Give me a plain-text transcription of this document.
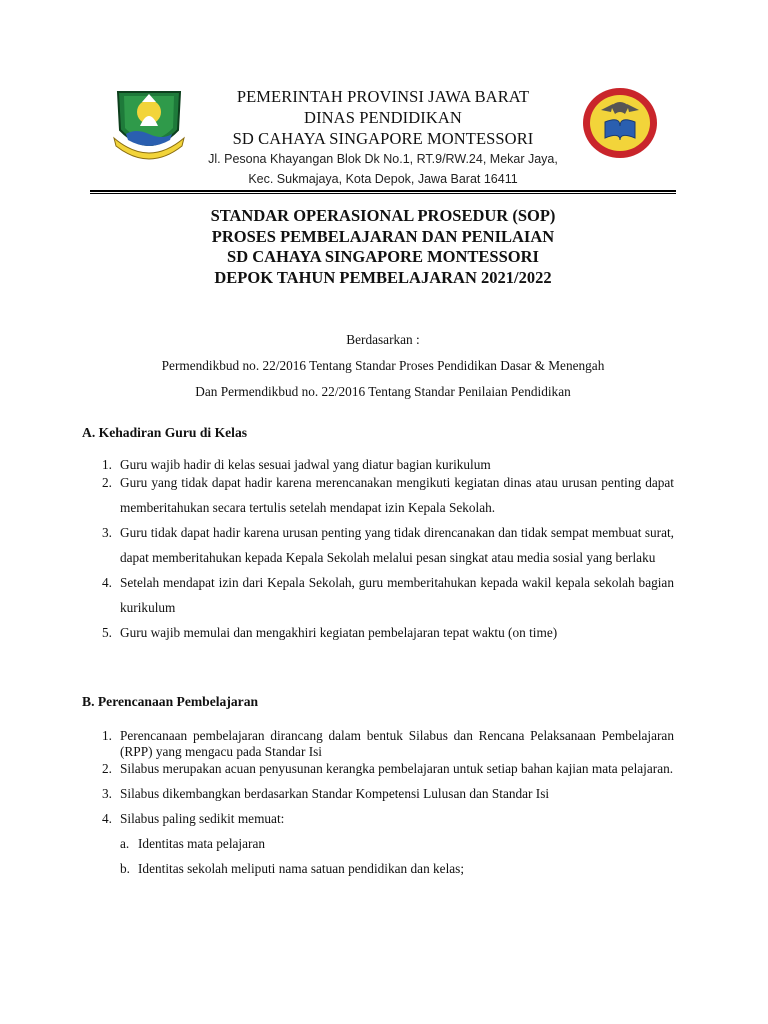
PEMERINTAH PROVINSI JAWA BARAT
DINAS PENDIDIKAN
SD CAHAYA SINGAPORE MONTESSORI
Jl. Pesona Khayangan Blok Dk No.1, RT.9/RW.24, Mekar Jaya,
Kec. Sukmajaya, Kota Depok, Jawa Barat 16411
STANDAR OPERASIONAL PROSEDUR (SOP)
PROSES PEMBELAJARAN DAN PENILAIAN
SD CAHAYA SINGAPORE MONTESSORI
DEPOK TAHUN PEMBELAJARAN 2021/2022
Berdasarkan :
Permendikbud no. 22/2016 Tentang Standar Proses Pendidikan Dasar & Menengah
Dan Permendikbud no. 22/2016 Tentang Standar Penilaian Pendidikan
A. Kehadiran Guru di Kelas
1. Guru wajib hadir di kelas sesuai jadwal yang diatur bagian kurikulum
2. Guru yang tidak dapat hadir karena merencanakan mengikuti kegiatan dinas atau urusan penting dapat memberitahukan secara tertulis setelah mendapat izin Kepala Sekolah.
3. Guru tidak dapat hadir karena urusan penting yang tidak direncanakan dan tidak sempat membuat surat, dapat memberitahukan kepada Kepala Sekolah melalui pesan singkat atau media sosial yang berlaku
4. Setelah mendapat izin dari Kepala Sekolah, guru memberitahukan kepada wakil kepala sekolah bagian kurikulum
5. Guru wajib memulai dan mengakhiri kegiatan pembelajaran tepat waktu (on time)
B. Perencanaan Pembelajaran
1. Perencanaan pembelajaran dirancang dalam bentuk Silabus dan Rencana Pelaksanaan Pembelajaran (RPP) yang mengacu pada Standar Isi
2. Silabus merupakan acuan penyusunan kerangka pembelajaran untuk setiap bahan kajian mata pelajaran.
3. Silabus dikembangkan berdasarkan Standar Kompetensi Lulusan dan Standar Isi
4. Silabus paling sedikit memuat:
a. Identitas mata pelajaran
b. Identitas sekolah meliputi nama satuan pendidikan dan kelas;
